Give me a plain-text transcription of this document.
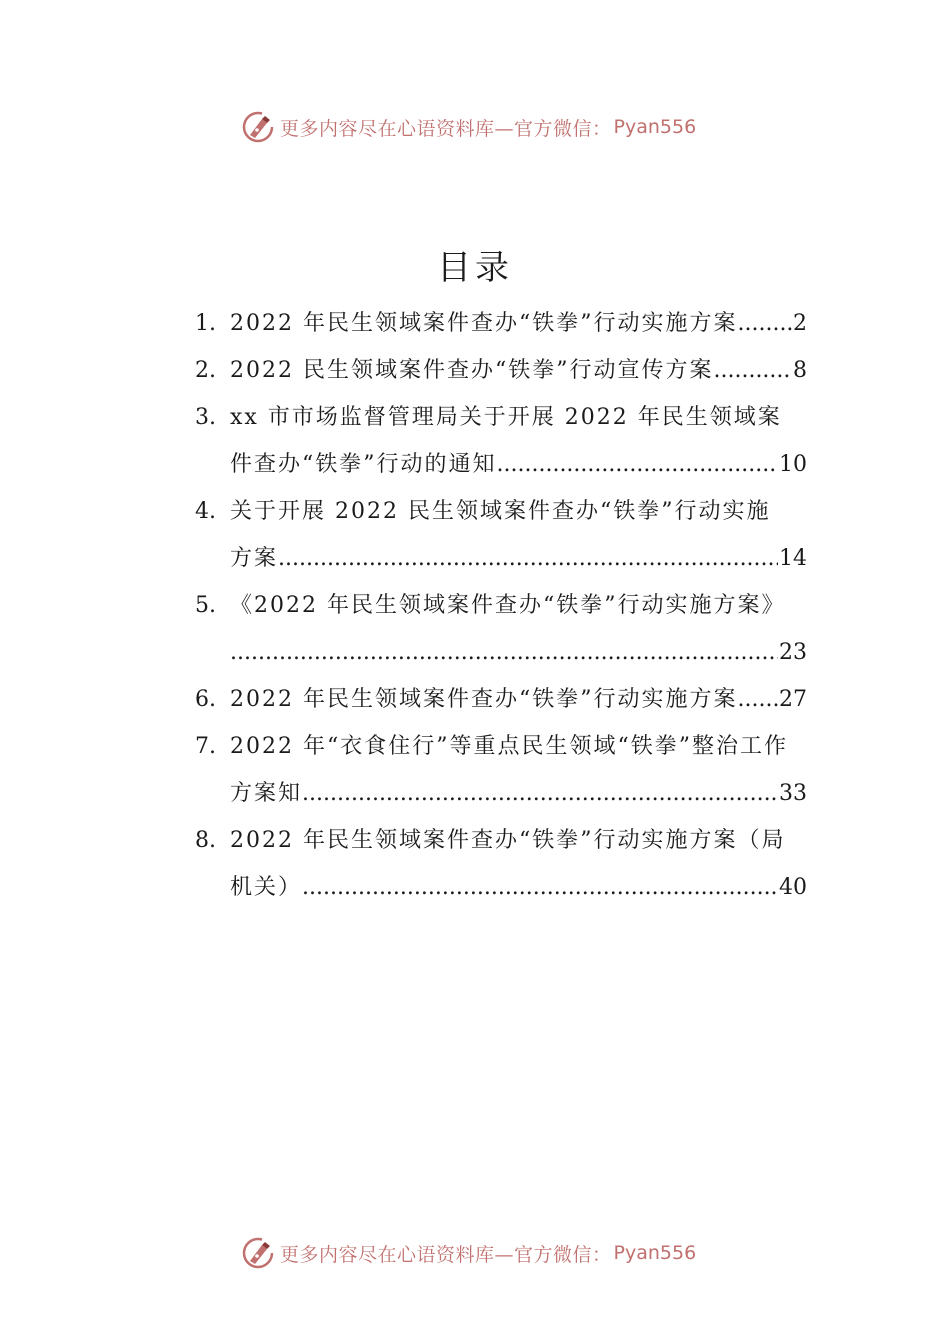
更多内容尽在心语资料库—官方微信： Pyan556
目录
1. 2022 年民生领域案件查办“铁拳”行动实施方案 .....	2
2. 2022 民生领域案件查办“铁拳”行动宣传方案 .....	8
3. xx 市市场监督管理局关于开展 2022 年民生领域案
件查办“铁拳”行动的通知 .....	10
4. 关于开展 2022 民生领域案件查办“铁拳”行动实施
方案 .....	14
5. 《2022 年民生领域案件查办“铁拳”行动实施方案》
.....
23
6. 2022 年民生领域案件查办“铁拳”行动实施方案 ..... 27
7. 2022 年“衣食住行”等重点民生领域“铁拳”整治工作
方案知 .....	33
8. 2022 年民生领域案件查办“铁拳”行动实施方案（局
机关） .....	40
更多内容尽在心语资料库—官方微信： Pyan556
